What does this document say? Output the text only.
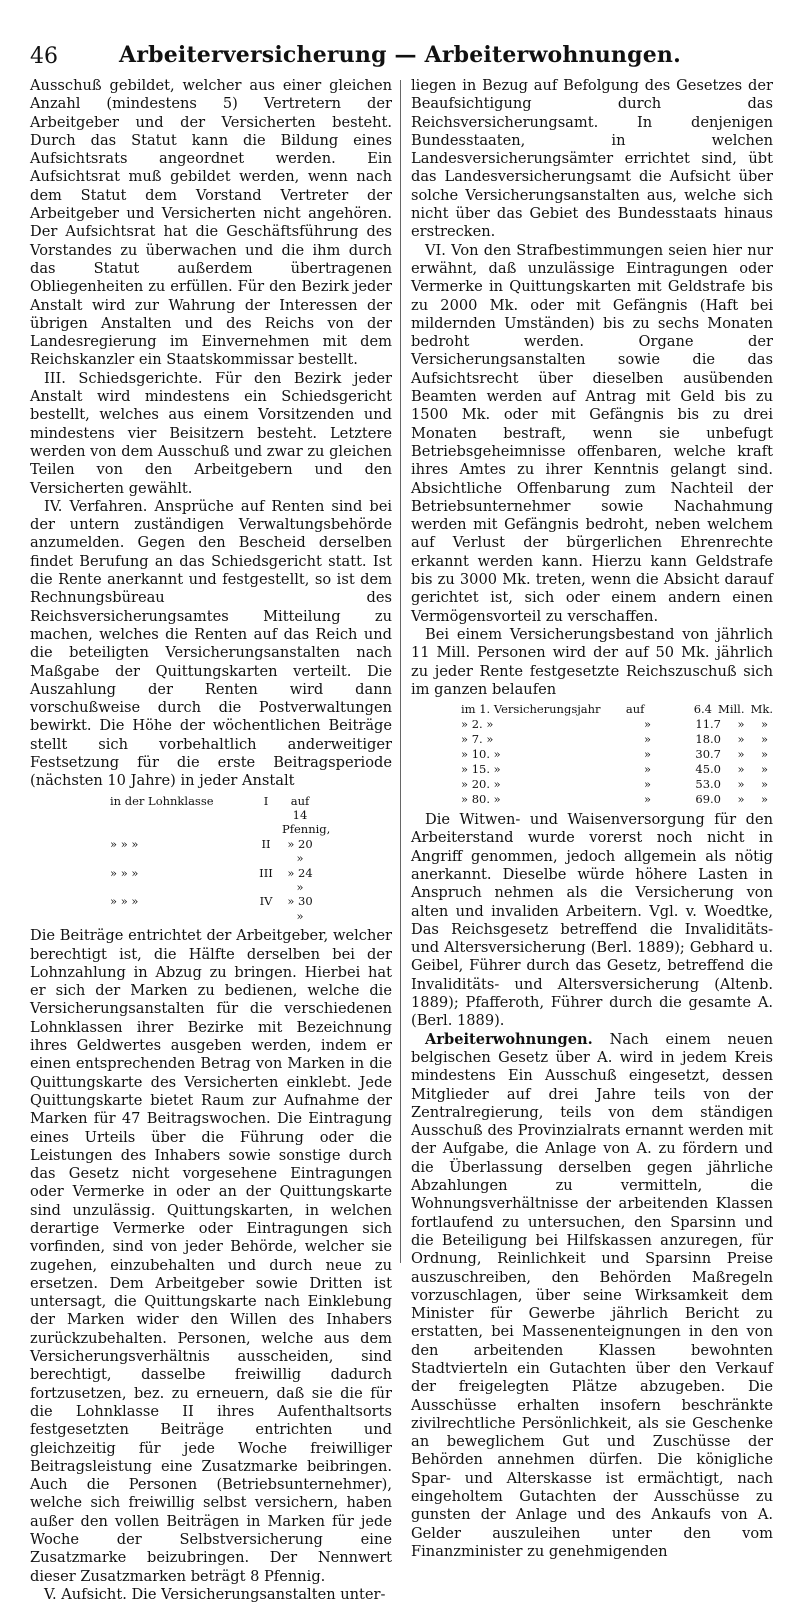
46	Arbeiterversicherung — Arbeiterwohnungen.

Ausschuß gebildet, welcher aus einer gleichen Anzahl (mindestens 5) Vertretern der Arbeitgeber und der Versicherten besteht. Durch das Statut kann die Bildung eines Aufsichtsrats angeordnet werden. Ein Aufsichtsrat muß gebildet werden, wenn nach dem Statut dem Vorstand Vertreter der Arbeitgeber und Versicherten nicht angehören. Der Aufsichtsrat hat die Geschäftsführung des Vorstandes zu überwachen und die ihm durch das Statut außerdem übertragenen Obliegenheiten zu erfüllen. Für den Bezirk jeder Anstalt wird zur Wahrung der Interessen der übrigen Anstalten und des Reichs von der Landesregierung im Einvernehmen mit dem Reichskanzler ein Staatskommissar bestellt.

III. Schiedsgerichte. Für den Bezirk jeder Anstalt wird mindestens ein Schiedsgericht bestellt, welches aus einem Vorsitzenden und mindestens vier Beisitzern besteht. Letztere werden von dem Ausschuß und zwar zu gleichen Teilen von den Arbeitgebern und den Versicherten gewählt.

IV. Verfahren. Ansprüche auf Renten sind bei der untern zuständigen Verwaltungsbehörde anzumelden. Gegen den Bescheid derselben findet Berufung an das Schiedsgericht statt. Ist die Rente anerkannt und festgestellt, so ist dem Rechnungsbüreau des Reichsversicherungsamtes Mitteilung zu machen, welches die Renten auf das Reich und die beteiligten Versicherungsanstalten nach Maßgabe der Quittungskarten verteilt. Die Auszahlung der Renten wird dann vorschußweise durch die Postverwaltungen bewirkt. Die Höhe der wöchentlichen Beiträge stellt sich vorbehaltlich anderweitiger Festsetzung für die erste Beitragsperiode (nächsten 10 Jahre) in jeder Anstalt

in der Lohnklasse	I	auf 14 Pfennig,
» » »	II	» 20 »
» » »	III	» 24 »
» » »	IV	» 30 »

Die Beiträge entrichtet der Arbeitgeber, welcher berechtigt ist, die Hälfte derselben bei der Lohnzahlung in Abzug zu bringen. Hierbei hat er sich der Marken zu bedienen, welche die Versicherungsanstalten für die verschiedenen Lohnklassen ihrer Bezirke mit Bezeichnung ihres Geldwertes ausgeben werden, indem er einen entsprechenden Betrag von Marken in die Quittungskarte des Versicherten einklebt. Jede Quittungskarte bietet Raum zur Aufnahme der Marken für 47 Beitragswochen. Die Eintragung eines Urteils über die Führung oder die Leistungen des Inhabers sowie sonstige durch das Gesetz nicht vorgesehene Eintragungen oder Vermerke in oder an der Quittungskarte sind unzulässig. Quittungskarten, in welchen derartige Vermerke oder Eintragungen sich vorfinden, sind von jeder Behörde, welcher sie zugehen, einzubehalten und durch neue zu ersetzen. Dem Arbeitgeber sowie Dritten ist untersagt, die Quittungskarte nach Einklebung der Marken wider den Willen des Inhabers zurückzubehalten. Personen, welche aus dem Versicherungsverhältnis ausscheiden, sind berechtigt, dasselbe freiwillig dadurch fortzusetzen, bez. zu erneuern, daß sie die für die Lohnklasse II ihres Aufenthaltsorts festgesetzten Beiträge entrichten und gleichzeitig für jede Woche freiwilliger Beitragsleistung eine Zusatzmarke beibringen. Auch die Personen (Betriebsunternehmer), welche sich freiwillig selbst versichern, haben außer den vollen Beiträgen in Marken für jede Woche der Selbstversicherung eine Zusatzmarke beizubringen. Der Nennwert dieser Zusatzmarken beträgt 8 Pfennig.

V. Aufsicht. Die Versicherungsanstalten unter-

liegen in Bezug auf Befolgung des Gesetzes der Beaufsichtigung durch das Reichsversicherungsamt. In denjenigen Bundesstaaten, in welchen Landesversicherungsämter errichtet sind, übt das Landesversicherungsamt die Aufsicht über solche Versicherungsanstalten aus, welche sich nicht über das Gebiet des Bundesstaats hinaus erstrecken.

VI. Von den Strafbestimmungen seien hier nur erwähnt, daß unzulässige Eintragungen oder Vermerke in Quittungskarten mit Geldstrafe bis zu 2000 Mk. oder mit Gefängnis (Haft bei mildernden Umständen) bis zu sechs Monaten bedroht werden. Organe der Versicherungsanstalten sowie die das Aufsichtsrecht über dieselben ausübenden Beamten werden auf Antrag mit Geld bis zu 1500 Mk. oder mit Gefängnis bis zu drei Monaten bestraft, wenn sie unbefugt Betriebsgeheimnisse offenbaren, welche kraft ihres Amtes zu ihrer Kenntnis gelangt sind. Absichtliche Offenbarung zum Nachteil der Betriebsunternehmer sowie Nachahmung werden mit Gefängnis bedroht, neben welchem auf Verlust der bürgerlichen Ehrenrechte erkannt werden kann. Hierzu kann Geldstrafe bis zu 3000 Mk. treten, wenn die Absicht darauf gerichtet ist, sich oder einem andern einen Vermögensvorteil zu verschaffen.

Bei einem Versicherungsbestand von jährlich 11 Mill. Personen wird der auf 50 Mk. jährlich zu jeder Rente festgesetzte Reichszuschuß sich im ganzen belaufen

im 1. Versicherungsjahr	auf	6.4 Mill. Mk.
» 2. »	»	11.7	»	»
» 7. »	»	18.0	»	»
» 10. »	»	30.7	»	»
» 15. »	»	45.0	»	»
» 20. »	»	53.0	»	»
» 80. »	»	69.0	»	»

Die Witwen- und Waisenversorgung für den Arbeiterstand wurde vorerst noch nicht in Angriff genommen, jedoch allgemein als nötig anerkannt. Dieselbe würde höhere Lasten in Anspruch nehmen als die Versicherung von alten und invaliden Arbeitern. Vgl. v. Woedtke, Das Reichsgesetz betreffend die Invaliditäts- und Altersversicherung (Berl. 1889); Gebhard u. Geibel, Führer durch das Gesetz, betreffend die Invaliditäts- und Altersversicherung (Altenb. 1889); Pfafferoth, Führer durch die gesamte A. (Berl. 1889).

Arbeiterwohnungen. Nach einem neuen belgischen Gesetz über A. wird in jedem Kreis mindestens Ein Ausschuß eingesetzt, dessen Mitglieder auf drei Jahre teils von der Zentralregierung, teils von dem ständigen Ausschuß des Provinzialrats ernannt werden mit der Aufgabe, die Anlage von A. zu fördern und die Überlassung derselben gegen jährliche Abzahlungen zu vermitteln, die Wohnungsverhältnisse der arbeitenden Klassen fortlaufend zu untersuchen, den Sparsinn und die Beteiligung bei Hilfskassen anzuregen, für Ordnung, Reinlichkeit und Sparsinn Preise auszuschreiben, den Behörden Maßregeln vorzuschlagen, über seine Wirksamkeit dem Minister für Gewerbe jährlich Bericht zu erstatten, bei Massenenteignungen in den von den arbeitenden Klassen bewohnten Stadtvierteln ein Gutachten über den Verkauf der freigelegten Plätze abzugeben. Die Ausschüsse erhalten insofern beschränkte zivilrechtliche Persönlichkeit, als sie Geschenke an beweglichem Gut und Zuschüsse der Behörden annehmen dürfen. Die königliche Spar- und Alterskasse ist ermächtigt, nach eingeholtem Gutachten der Ausschüsse zu gunsten der Anlage und des Ankaufs von A. Gelder auszuleihen unter den vom Finanzminister zu genehmigenden
